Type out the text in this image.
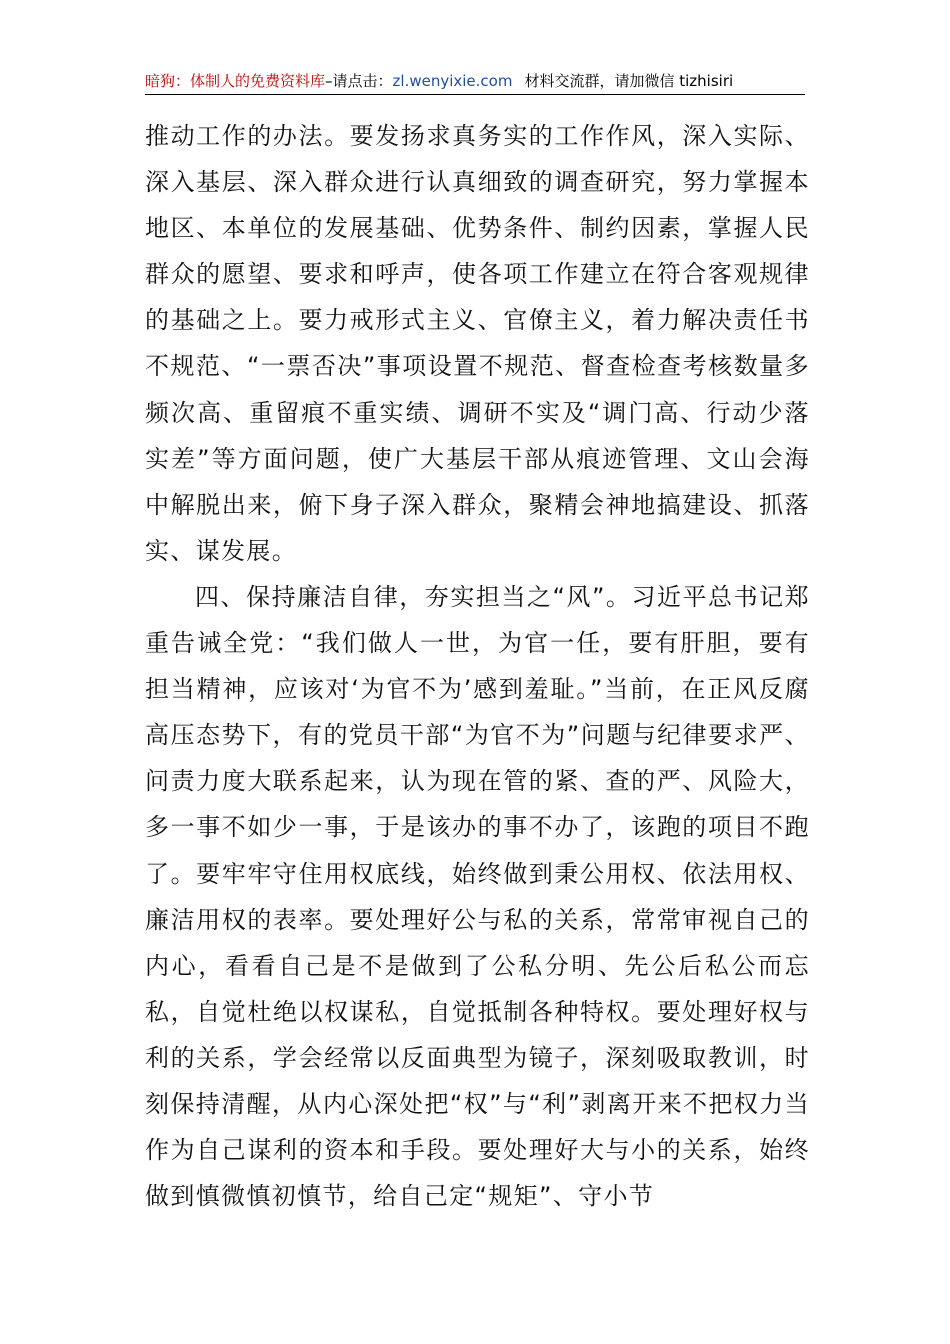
暗狗：体制人的免费资料库–请点击：zl.wenyixie.com 材料交流群，请加微信 tizhisiri

推动工作的办法。要发扬求真务实的工作作风，深入实际、深入基层、深入群众进行认真细致的调查研究，努力掌握本地区、本单位的发展基础、优势条件、制约因素，掌握人民群众的愿望、要求和呼声，使各项工作建立在符合客观规律的基础之上。要力戒形式主义、官僚主义，着力解决责任书不规范、“一票否决”事项设置不规范、督查检查考核数量多频次高、重留痕不重实绩、调研不实及“调门高、行动少落实差”等方面问题，使广大基层干部从痕迹管理、文山会海中解脱出来，俯下身子深入群众，聚精会神地搞建设、抓落实、谋发展。

四、保持廉洁自律，夯实担当之“风”。习近平总书记郑重告诫全党：“我们做人一世，为官一任，要有肝胆，要有担当精神，应该对‘为官不为’感到羞耻。”当前，在正风反腐高压态势下，有的党员干部“为官不为”问题与纪律要求严、问责力度大联系起来，认为现在管的紧、查的严、风险大，多一事不如少一事，于是该办的事不办了，该跑的项目不跑了。要牢牢守住用权底线，始终做到秉公用权、依法用权、廉洁用权的表率。要处理好公与私的关系，常常审视自己的内心，看看自己是不是做到了公私分明、先公后私公而忘私，自觉杜绝以权谋私，自觉抵制各种特权。要处理好权与利的关系，学会经常以反面典型为镜子，深刻吸取教训，时刻保持清醒，从内心深处把“权”与“利”剥离开来不把权力当作为自己谋利的资本和手段。要处理好大与小的关系，始终做到慎微慎初慎节，给自己定“规矩”、守小节
